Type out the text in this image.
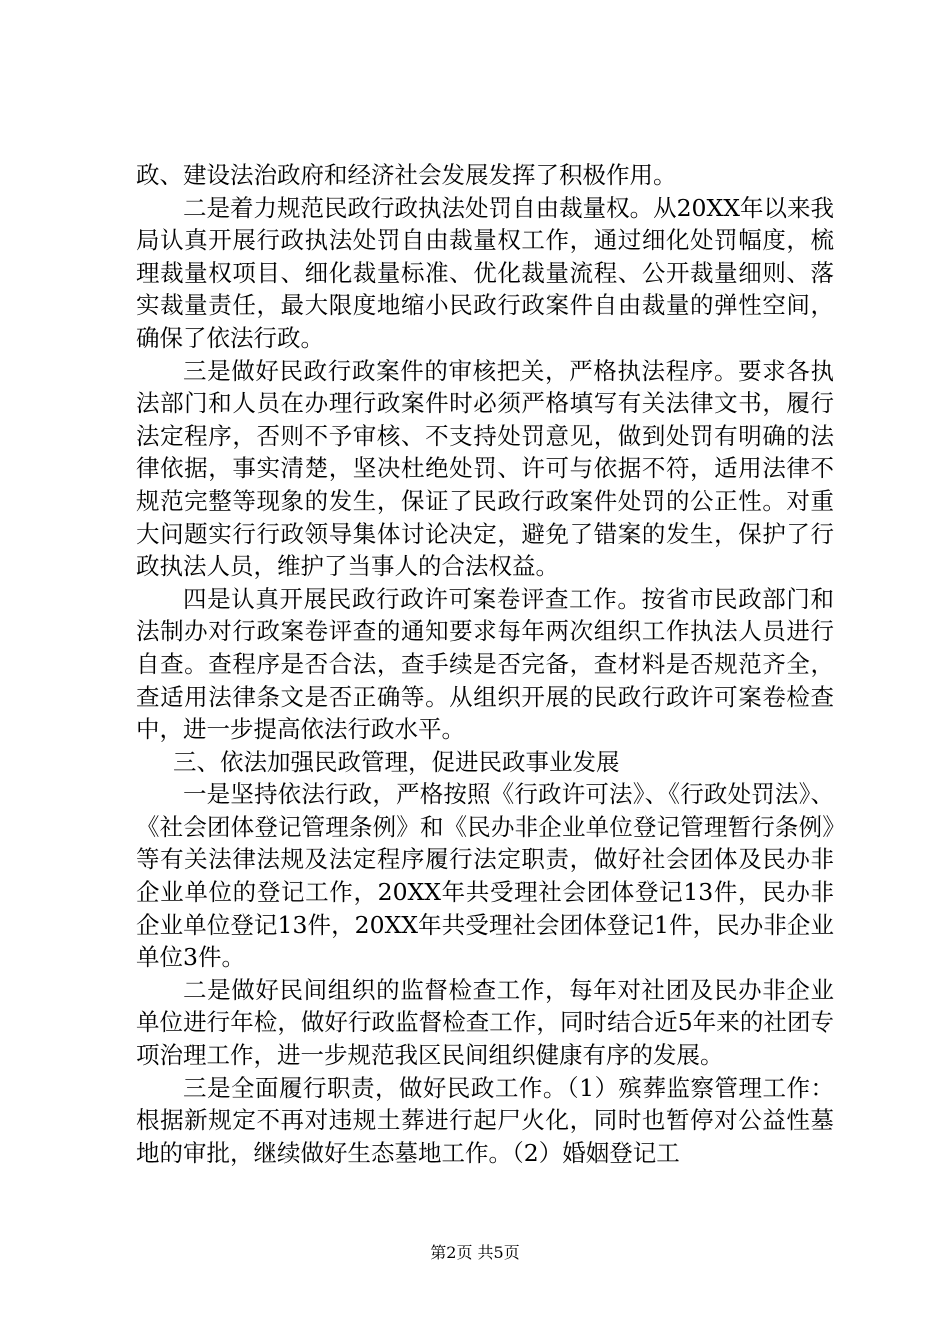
政、建设法治政府和经济社会发展发挥了积极作用。

二是着力规范民政行政执法处罚自由裁量权。从20XX年以来我局认真开展行政执法处罚自由裁量权工作，通过细化处罚幅度，梳理裁量权项目、细化裁量标准、优化裁量流程、公开裁量细则、落实裁量责任，最大限度地缩小民政行政案件自由裁量的弹性空间，确保了依法行政。

三是做好民政行政案件的审核把关，严格执法程序。要求各执法部门和人员在办理行政案件时必须严格填写有关法律文书，履行法定程序，否则不予审核、不支持处罚意见，做到处罚有明确的法律依据，事实清楚，坚决杜绝处罚、许可与依据不符，适用法律不规范完整等现象的发生，保证了民政行政案件处罚的公正性。对重大问题实行行政领导集体讨论决定，避免了错案的发生，保护了行政执法人员，维护了当事人的合法权益。

四是认真开展民政行政许可案卷评查工作。按省市民政部门和法制办对行政案卷评查的通知要求每年两次组织工作执法人员进行自查。查程序是否合法，查手续是否完备，查材料是否规范齐全，查适用法律条文是否正确等。从组织开展的民政行政许可案卷检查中，进一步提高依法行政水平。

三、依法加强民政管理，促进民政事业发展

一是坚持依法行政，严格按照《行政许可法》、《行政处罚法》、《社会团体登记管理条例》和《民办非企业单位登记管理暂行条例》等有关法律法规及法定程序履行法定职责，做好社会团体及民办非企业单位的登记工作，20XX年共受理社会团体登记13件，民办非企业单位登记13件，20XX年共受理社会团体登记1件，民办非企业单位3件。

二是做好民间组织的监督检查工作，每年对社团及民办非企业单位进行年检，做好行政监督检查工作，同时结合近5年来的社团专项治理工作，进一步规范我区民间组织健康有序的发展。

三是全面履行职责，做好民政工作。（1）殡葬监察管理工作：根据新规定不再对违规土葬进行起尸火化，同时也暂停对公益性墓地的审批，继续做好生态墓地工作。（2）婚姻登记工

第2页 共5页
